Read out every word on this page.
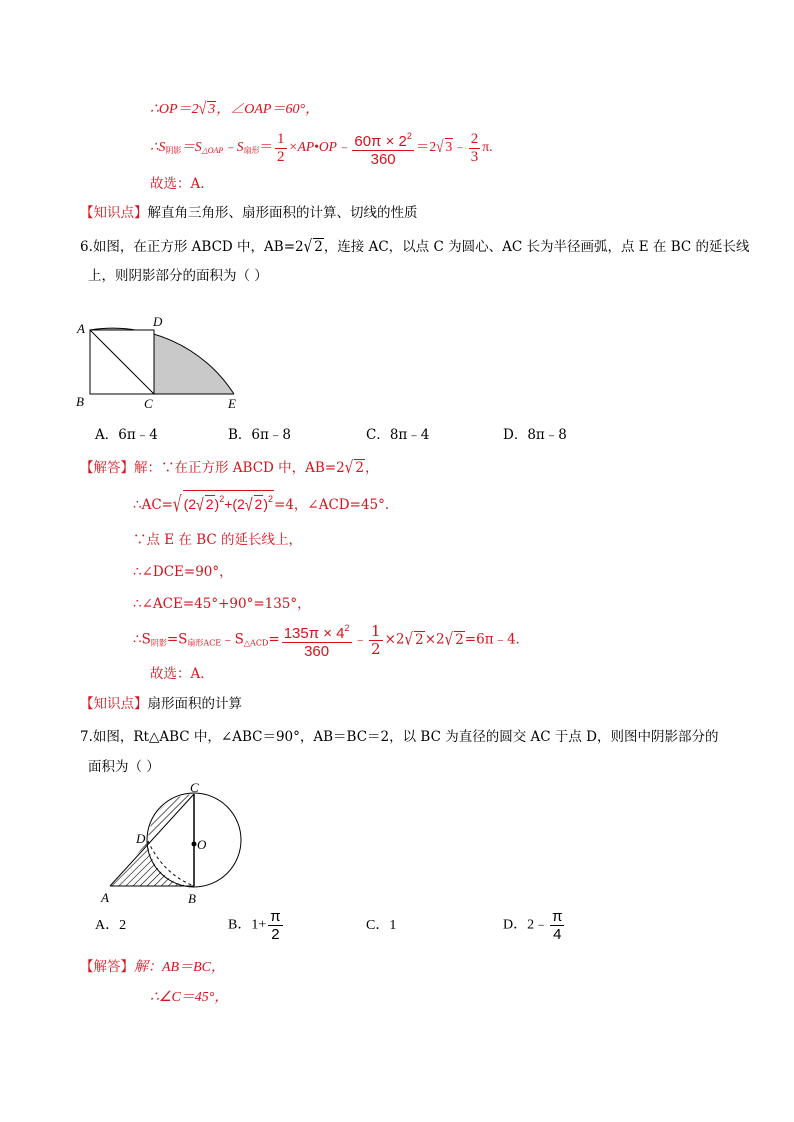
∴OP＝2√ 3，∠OAP＝60°，
$\therefore S_{阴影}=S_{\triangle OAP}﹣S_{扇形}= \frac{1}{2}$ ×AP•OP﹣ $\frac{60\pi \times 2^2}{360} =2√$ 3﹣ $\frac{2}{3} \pi$.
故选：A.
【知识点】解直角三角形、扇形面积的计算、切线的性质
6.如图，在正方形 ABCD 中，AB=2√ 2，连接 AC，以点 C 为圆心、AC 长为半径画弧，点 E 在 BC 的延长线
上，则阴影部分的面积为（ ）
A	D
B	C	E
A．6π﹣4	B．6π﹣8	C．8π﹣4	D．8π﹣8
【解答】解：∵在正方形 ABCD 中，AB=2√ 2，
∴AC=√ (2√ 2)$^2$+(2√ 2)$^2$=4，∠ACD=45°．
∵点 E 在 BC 的延长线上，
∴∠DCE=90°，
∴∠ACE=45°+90°=135°，
$\therefore S_{阴影}=S_{扇形ACE}﹣S_{\triangle ACD}= \frac{135\pi \times 4^2}{360}$ ﹣ $\frac{1}{2} \times 2√$ 2×2√ 2=6π﹣4．
故选：A．
【知识点】扇形面积的计算
7.如图，Rt△ABC 中，∠ABC＝90°，AB＝BC＝2，以 BC 为直径的圆交 AC 于点 D，则图中阴影部分的
面积为（ ）
C
D	O
A	B
A．2	B．$1+ \frac{\pi}{2}$	C．1	D．2﹣ $\frac{\pi}{4}$
【解答】解：AB＝BC，
∴∠C＝45°，
